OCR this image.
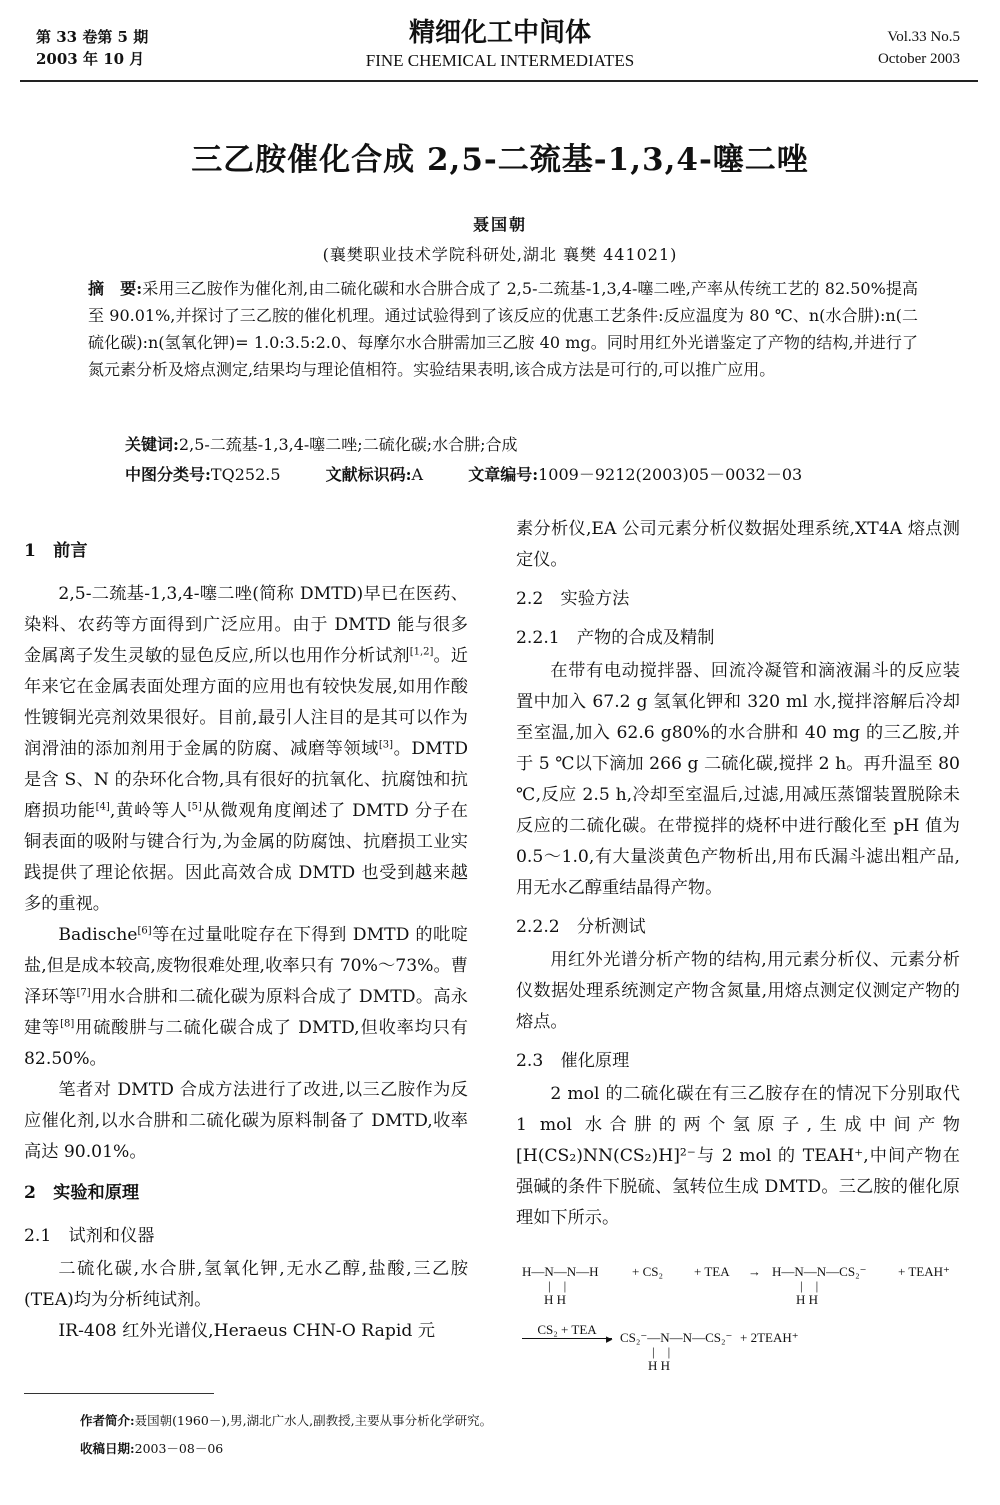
第 33 卷第 5 期
2003 年 10 月
精细化工中间体
FINE CHEMICAL INTERMEDIATES
Vol.33 No.5
October 2003
三乙胺催化合成 2,5-二巯基-1,3,4-噻二唑
聂国朝
(襄樊职业技术学院科研处,湖北 襄樊 441021)
摘　要:采用三乙胺作为催化剂,由二硫化碳和水合肼合成了 2,5-二巯基-1,3,4-噻二唑,产率从传统工艺的 82.50%提高至 90.01%,并探讨了三乙胺的催化机理。通过试验得到了该反应的优惠工艺条件:反应温度为 80 ℃、n(水合肼):n(二硫化碳):n(氢氧化钾)= 1.0:3.5:2.0、每摩尔水合肼需加三乙胺 40 mg。同时用红外光谱鉴定了产物的结构,并进行了氮元素分析及熔点测定,结果均与理论值相符。实验结果表明,该合成方法是可行的,可以推广应用。
关键词:2,5-二巯基-1,3,4-噻二唑;二硫化碳;水合肼;合成
中图分类号:TQ252.5	文献标识码:A	文章编号:1009－9212(2003)05－0032－03

1　前言

2,5-二巯基-1,3,4-噻二唑(简称 DMTD)早已在医药、染料、农药等方面得到广泛应用。由于 DMTD 能与很多金属离子发生灵敏的显色反应,所以也用作分析试剂[1,2]。近年来它在金属表面处理方面的应用也有较快发展,如用作酸性镀铜光亮剂效果很好。目前,最引人注目的是其可以作为润滑油的添加剂用于金属的防腐、减磨等领域[3]。DMTD 是含 S、N 的杂环化合物,具有很好的抗氧化、抗腐蚀和抗磨损功能[4],黄岭等人[5]从微观角度阐述了 DMTD 分子在铜表面的吸附与键合行为,为金属的防腐蚀、抗磨损工业实践提供了理论依据。因此高效合成 DMTD 也受到越来越多的重视。

Badische[6]等在过量吡啶存在下得到 DMTD 的吡啶盐,但是成本较高,废物很难处理,收率只有 70%～73%。曹泽环等[7]用水合肼和二硫化碳为原料合成了 DMTD。高永建等[8]用硫酸肼与二硫化碳合成了 DMTD,但收率均只有 82.50%。

笔者对 DMTD 合成方法进行了改进,以三乙胺作为反应催化剂,以水合肼和二硫化碳为原料制备了 DMTD,收率高达 90.01%。

2　实验和原理

2.1　试剂和仪器

二硫化碳,水合肼,氢氧化钾,无水乙醇,盐酸,三乙胺(TEA)均为分析纯试剂。

IR-408 红外光谱仪,Heraeus CHN-O Rapid 元

素分析仪,EA 公司元素分析仪数据处理系统,XT4A 熔点测定仪。

2.2　实验方法

2.2.1　产物的合成及精制

在带有电动搅拌器、回流冷凝管和滴液漏斗的反应装置中加入 67.2 g 氢氧化钾和 320 ml 水,搅拌溶解后冷却至室温,加入 62.6 g80%的水合肼和 40 mg 的三乙胺,并于 5 ℃以下滴加 266 g 二硫化碳,搅拌 2 h。再升温至 80 ℃,反应 2.5 h,冷却至室温后,过滤,用减压蒸馏装置脱除未反应的二硫化碳。在带搅拌的烧杯中进行酸化至 pH 值为 0.5～1.0,有大量淡黄色产物析出,用布氏漏斗滤出粗产品,用无水乙醇重结晶得产物。

2.2.2　分析测试

用红外光谱分析产物的结构,用元素分析仪、元素分析仪数据处理系统测定产物含氮量,用熔点测定仪测定产物的熔点。

2.3　催化原理

2 mol 的二硫化碳在有三乙胺存在的情况下分别取代 1 mol 水合肼的两个氢原子,生成中间产物[H(CS₂)NN(CS₂)H]²⁻与 2 mol 的 TEAH⁺,中间产物在强碱的条件下脱硫、氢转位生成 DMTD。三乙胺的催化原理如下所示。

H—N—N—H
|    |
H H
+ CS₂ + TEA → H—N—N—CS₂⁻
|    |
H H
+ TEAH⁺
CS₂ + TEA
▸ CS₂⁻—N—N—CS₂⁻
|    |
H H
+ 2TEAH⁺
作者简介:聂国朝(1960－),男,湖北广水人,副教授,主要从事分析化学研究。
收稿日期:2003－08－06
